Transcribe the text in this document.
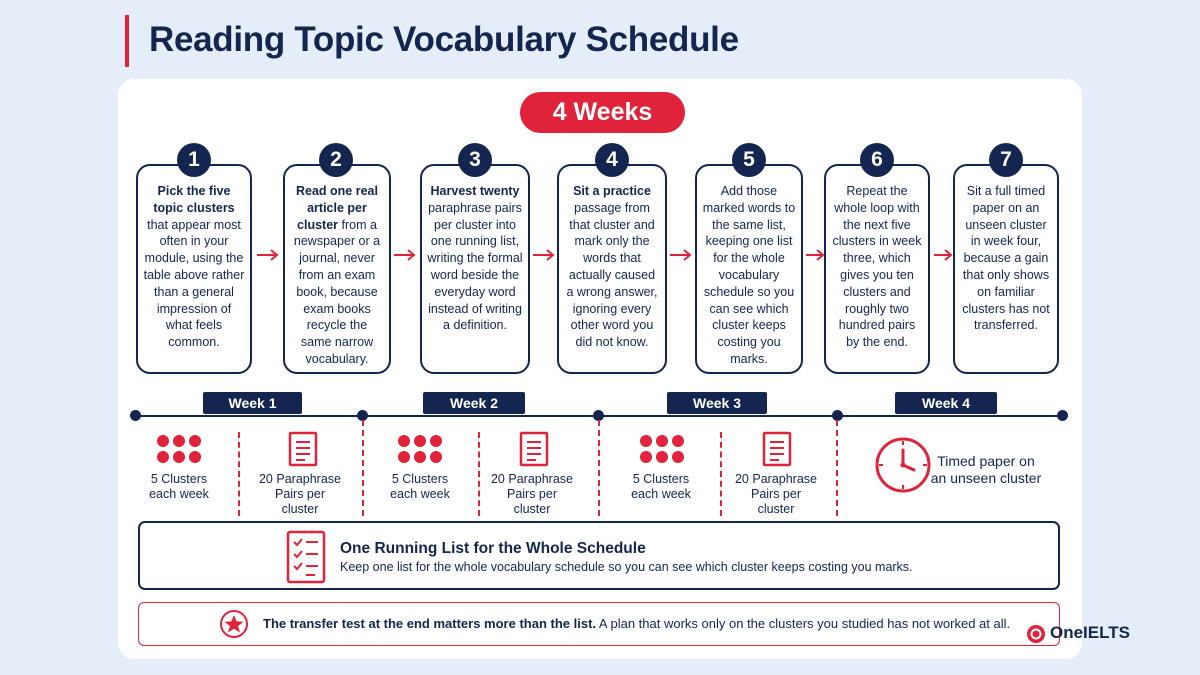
Reading Topic Vocabulary Schedule
4 Weeks
Pick the five topic clusters that appear most often in your module, using the table above rather than a general impression of what feels common.
Read one real article per cluster from a newspaper or a journal, never from an exam book, because exam books recycle the same narrow vocabulary.
Harvest twenty paraphrase pairs per cluster into one running list, writing the formal word beside the everyday word instead of writing a definition.
Sit a practice passage from that cluster and mark only the words that actually caused a wrong answer, ignoring every other word you did not know.
Add those marked words to the same list, keeping one list for the whole vocabulary schedule so you can see which cluster keeps costing you marks.
Repeat the whole loop with the next five clusters in week three, which gives you ten clusters and roughly two hundred pairs by the end.
Sit a full timed paper on an unseen cluster in week four, because a gain that only shows on familiar clusters has not transferred.
1	2	3	4	5	6	7
Week 1	Week 2	Week 3	Week 4
5 Clusters each week
20 Paraphrase Pairs per cluster
5 Clusters each week
20 Paraphrase Pairs per cluster
5 Clusters each week
20 Paraphrase Pairs per cluster
Timed paper on an unseen cluster
One Running List for the Whole Schedule
Keep one list for the whole vocabulary schedule so you can see which cluster keeps costing you marks.
The transfer test at the end matters more than the list. A plan that works only on the clusters you studied has not worked at all. OneIELTS
